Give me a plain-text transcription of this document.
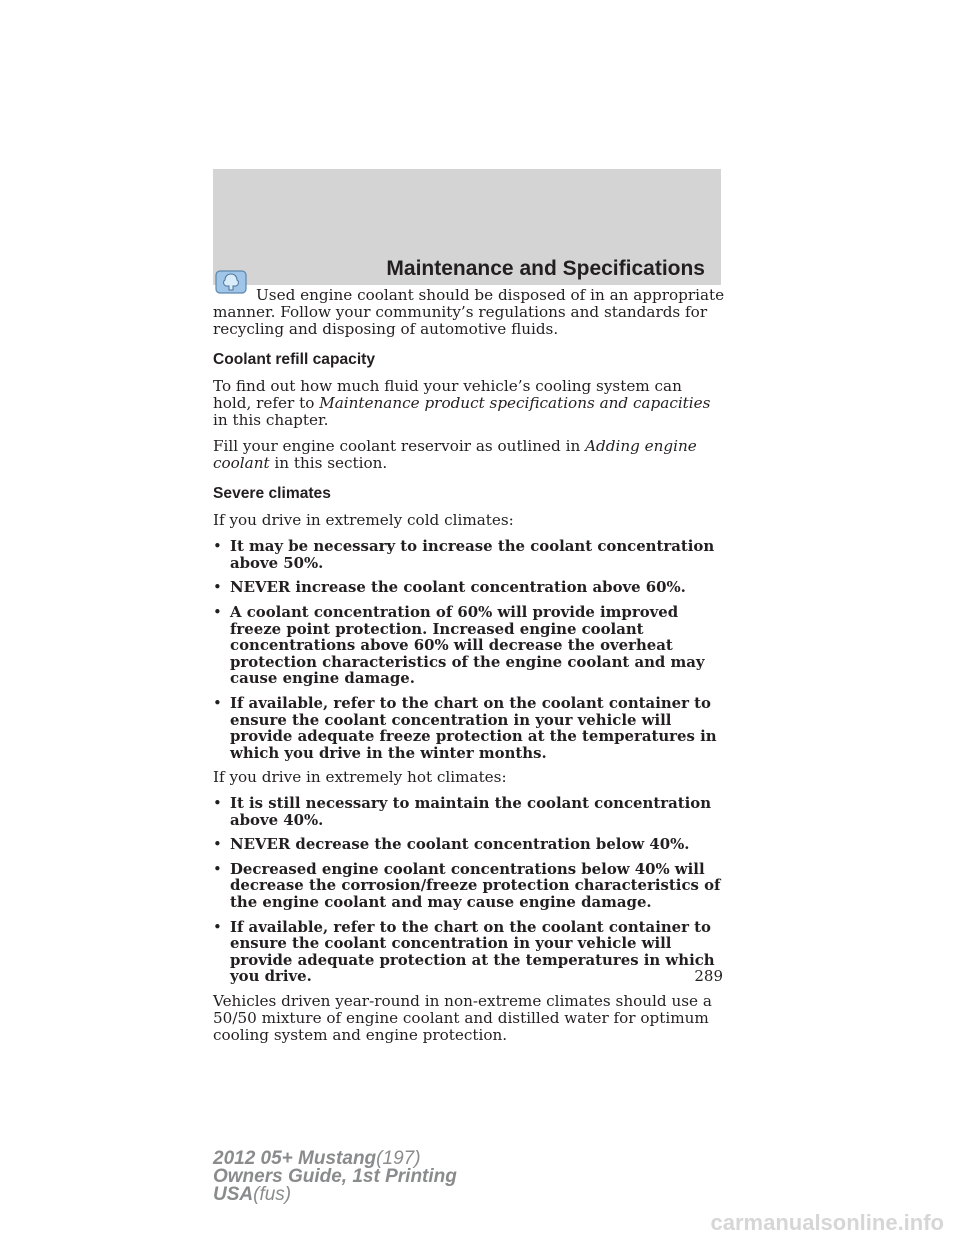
Maintenance and Specifications

Used engine coolant should be disposed of in an appropriate manner. Follow your community’s regulations and standards for recycling and disposing of automotive fluids.

Coolant refill capacity

To find out how much fluid your vehicle’s cooling system can hold, refer to Maintenance product specifications and capacities in this chapter.

Fill your engine coolant reservoir as outlined in Adding engine coolant in this section.

Severe climates

If you drive in extremely cold climates:

• It may be necessary to increase the coolant concentration above 50%.
• NEVER increase the coolant concentration above 60%.
• A coolant concentration of 60% will provide improved freeze point protection. Increased engine coolant concentrations above 60% will decrease the overheat protection characteristics of the engine coolant and may cause engine damage.
• If available, refer to the chart on the coolant container to ensure the coolant concentration in your vehicle will provide adequate freeze protection at the temperatures in which you drive in the winter months.

If you drive in extremely hot climates:

• It is still necessary to maintain the coolant concentration above 40%.
• NEVER decrease the coolant concentration below 40%.
• Decreased engine coolant concentrations below 40% will decrease the corrosion/freeze protection characteristics of the engine coolant and may cause engine damage.
• If available, refer to the chart on the coolant container to ensure the coolant concentration in your vehicle will provide adequate protection at the temperatures in which you drive.

Vehicles driven year-round in non-extreme climates should use a 50/50 mixture of engine coolant and distilled water for optimum cooling system and engine protection.

289
2012 05+ Mustang(197)
Owners Guide, 1st Printing
USA(fus)
carmanualsonline.info
